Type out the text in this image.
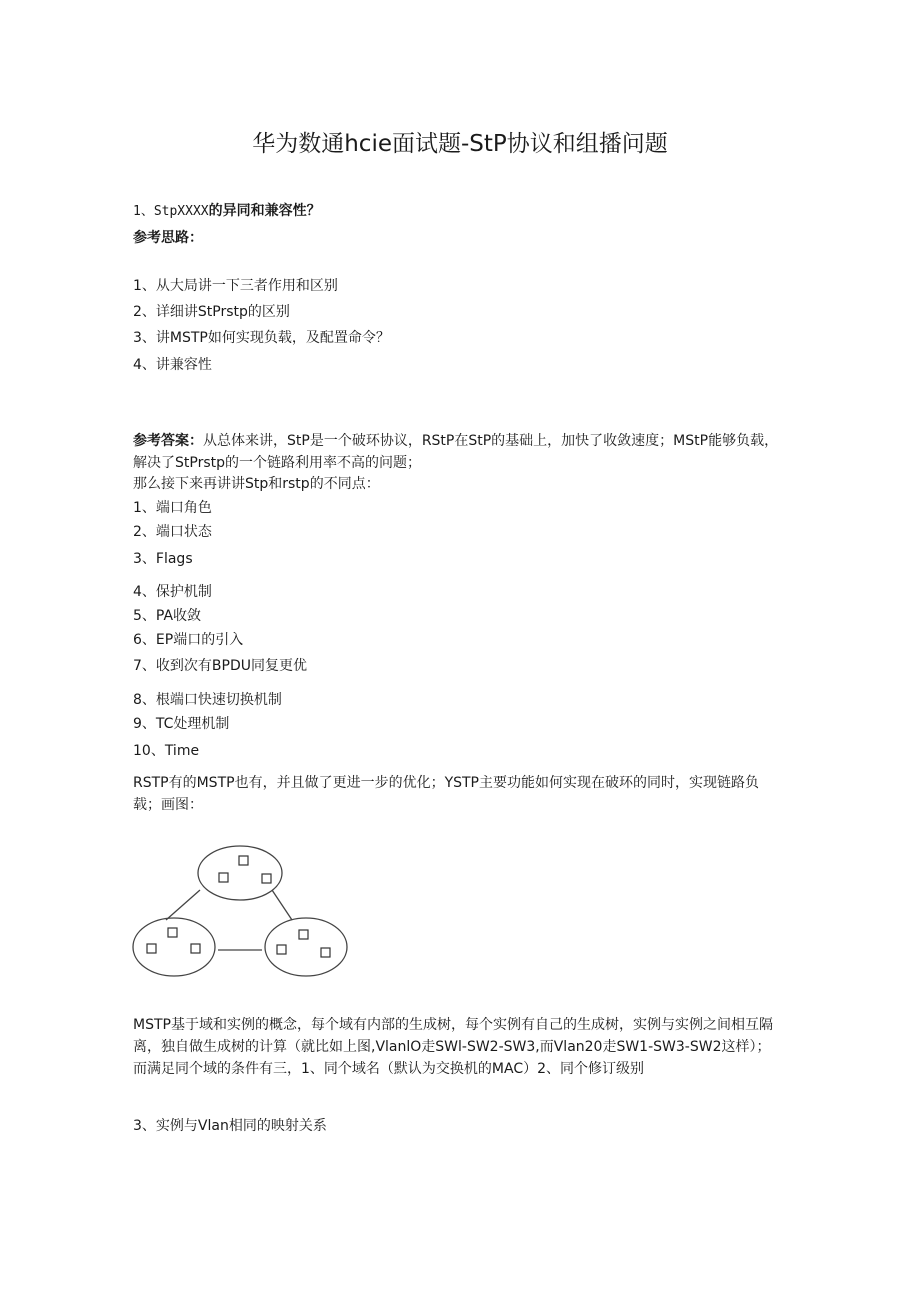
华为数通hcie面试题-StP协议和组播问题
1、StpXXXX的异同和兼容性？
参考思路：
1、从大局讲一下三者作用和区别
2、详细讲StPrstp的区别
3、讲MSTP如何实现负载，及配置命令？
4、讲兼容性
参考答案：从总体来讲，StP是一个破环协议，RStP在StP的基础上，加快了收敛速度；MStP能够负载，解决了StPrstp的一个链路利用率不高的问题；
那么接下来再讲讲Stp和rstp的不同点：
1、端口角色
2、端口状态
3、Flags
4、保护机制
5、PA收敛
6、EP端口的引入
7、收到次有BPDU同复更优
8、根端口快速切换机制
9、TC处理机制
10、Time
RSTP有的MSTP也有，并且做了更进一步的优化；YSTP主要功能如何实现在破环的同时，实现链路负载；画图：
MSTP基于域和实例的概念，每个域有内部的生成树，每个实例有自己的生成树，实例与实例之间相互隔离，独自做生成树的计算（就比如上图,VlanlO走SWl-SW2-SW3,而Vlan20走SW1-SW3-SW2这样）；而满足同个域的条件有三，1、同个域名（默认为交换机的MAC）2、同个修订级别
3、实例与Vlan相同的映射关系
